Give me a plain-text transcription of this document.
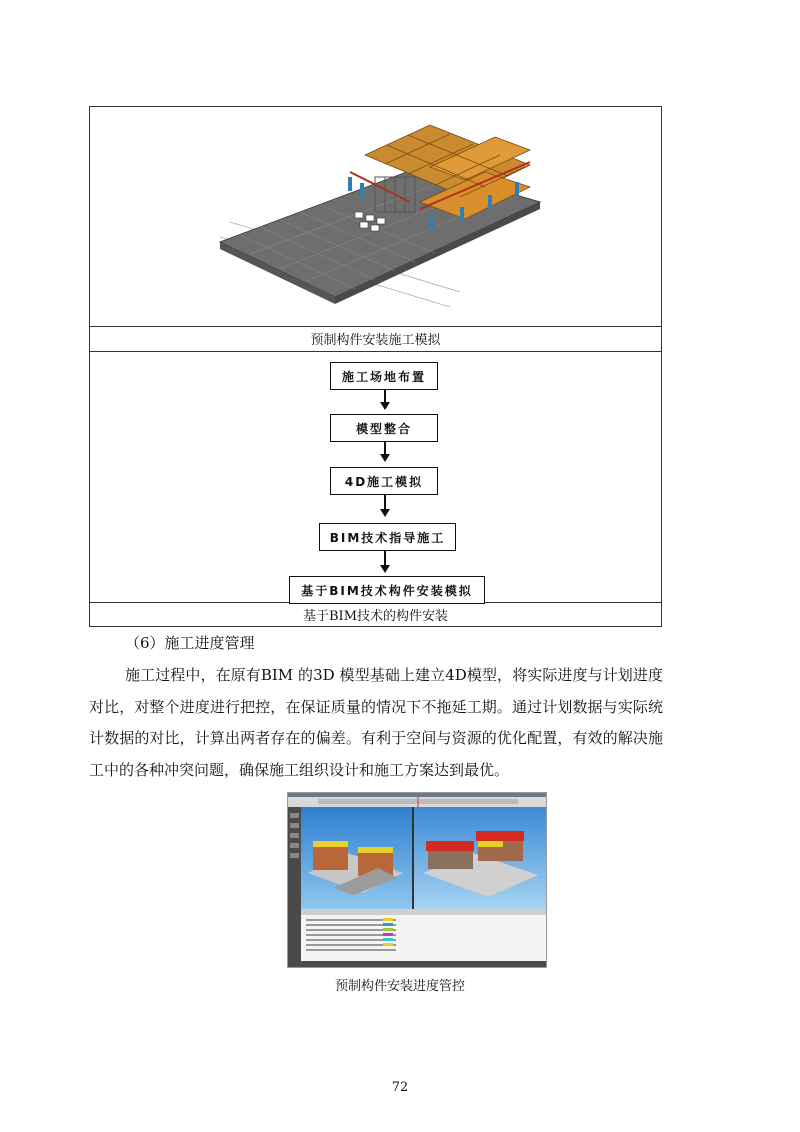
预制构件安装施工模拟
施工场地布置
模型整合
4D施工模拟
BIM技术指导施工
基于BIM技术构件安装模拟
基于BIM技术的构件安装
（6）施工进度管理

施工过程中，在原有BIM 的3D 模型基础上建立4D模型，将实际进度与计划进度对比，对整个进度进行把控，在保证质量的情况下不拖延工期。通过计划数据与实际统计数据的对比，计算出两者存在的偏差。有利于空间与资源的优化配置，有效的解决施工中的各种冲突问题，确保施工组织设计和施工方案达到最优。

预制构件安装进度管控
72
